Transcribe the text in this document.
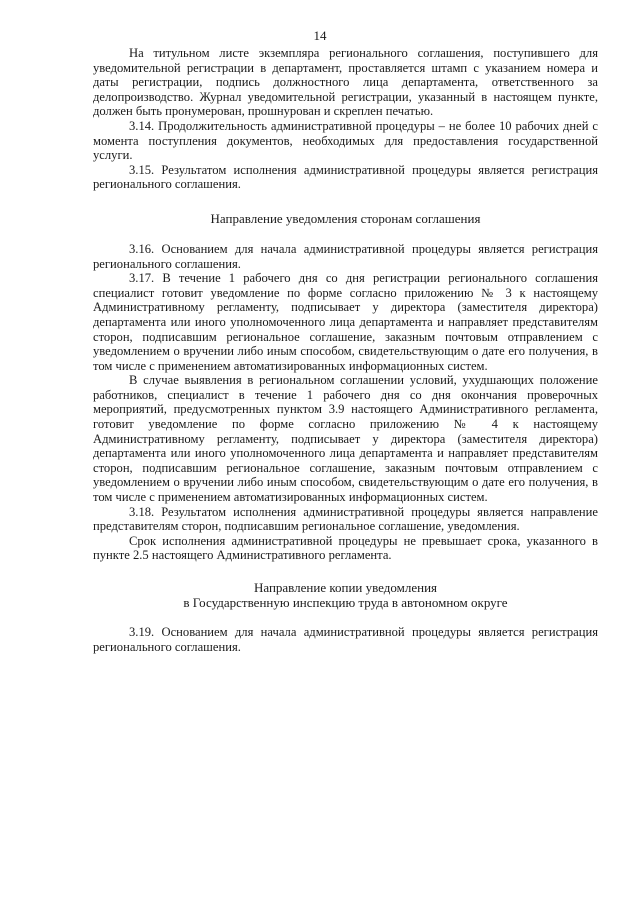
14

На титульном листе экземпляра регионального соглашения, поступившего для уведомительной регистрации в департамент, проставляется штамп с указанием номера и даты регистрации, подпись должностного лица департамента, ответственного за делопроизводство. Журнал уведомительной регистрации, указанный в настоящем пункте, должен быть пронумерован, прошнурован и скреплен печатью.

3.14. Продолжительность административной процедуры – не более 10 рабочих дней с момента поступления документов, необходимых для предоставления государственной услуги.

3.15. Результатом исполнения административной процедуры является регистрация регионального соглашения.

Направление уведомления сторонам соглашения

3.16. Основанием для начала административной процедуры является регистрация регионального соглашения.

3.17. В течение 1 рабочего дня со дня регистрации регионального соглашения специалист готовит уведомление по форме согласно приложению № 3 к настоящему Административному регламенту, подписывает у директора (заместителя директора) департамента или иного уполномоченного лица департамента и направляет представителям сторон, подписавшим региональное соглашение, заказным почтовым отправлением с уведомлением о вручении либо иным способом, свидетельствующим о дате его получения, в том числе с применением автоматизированных информационных систем.

В случае выявления в региональном соглашении условий, ухудшающих положение работников, специалист в течение 1 рабочего дня со дня окончания проверочных мероприятий, предусмотренных пунктом 3.9 настоящего Административного регламента, готовит уведомление по форме согласно приложению № 4 к настоящему Административному регламенту, подписывает у директора (заместителя директора) департамента или иного уполномоченного лица департамента и направляет представителям сторон, подписавшим региональное соглашение, заказным почтовым отправлением с уведомлением о вручении либо иным способом, свидетельствующим о дате его получения, в том числе с применением автоматизированных информационных систем.

3.18. Результатом исполнения административной процедуры является направление представителям сторон, подписавшим региональное соглашение, уведомления.

Срок исполнения административной процедуры не превышает срока, указанного в пункте 2.5 настоящего Административного регламента.

Направление копии уведомления
в Государственную инспекцию труда в автономном округе

3.19. Основанием для начала административной процедуры является регистрация регионального соглашения.
